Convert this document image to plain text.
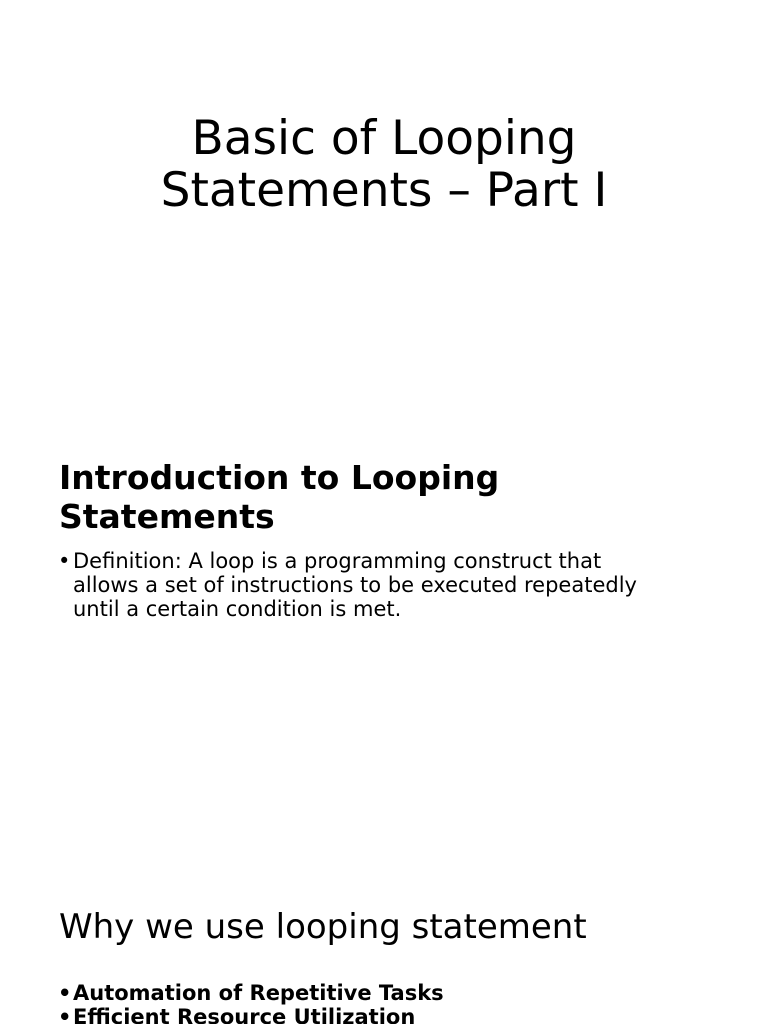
Basic of Looping
Statements – Part I
Introduction to Looping
Statements
• Definition: A loop is a programming construct that
allows a set of instructions to be executed repeatedly
until a certain condition is met.
Why we use looping statement
• Automation of Repetitive Tasks
• Efficient Resource Utilization
